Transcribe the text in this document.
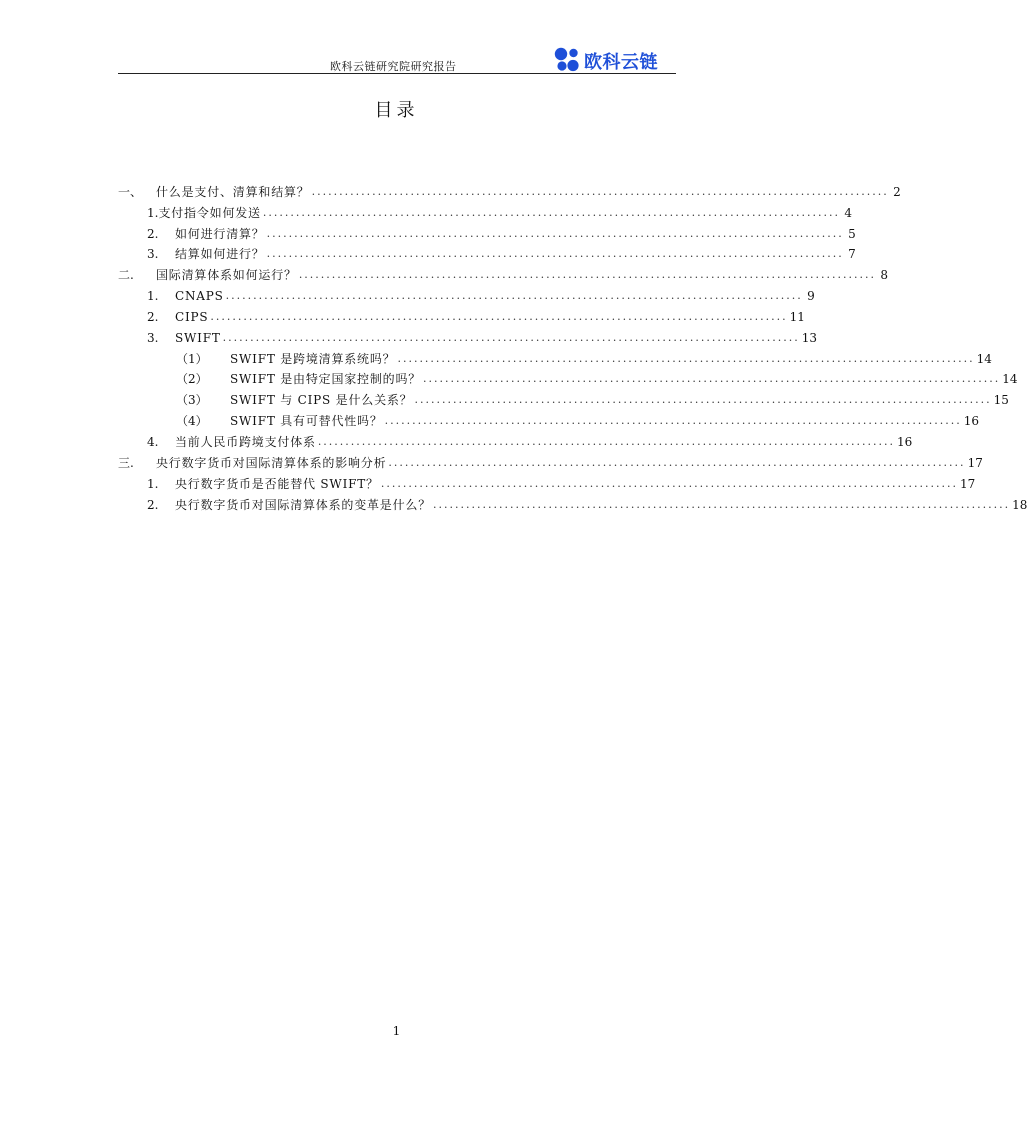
欧科云链研究院研究报告	欧科云链
目录
一、	什么是支付、清算和结算？ ......................................................................................................... 2
1. 支付指令如何发送 ......................................................................................................... 4
2.	如何进行清算？ ......................................................................................................... 5
3.	结算如何进行？ ......................................................................................................... 7
二.	国际清算体系如何运行？ ......................................................................................................... 8
1.	CNAPS ......................................................................................................... 9
2.	CIPS ......................................................................................................... 11
3.	SWIFT ......................................................................................................... 13
（1）	SWIFT 是跨境清算系统吗？ ......................................................................................................... 14
（2）	SWIFT 是由特定国家控制的吗？ ......................................................................................................... 14
（3）	SWIFT 与 CIPS 是什么关系？ ......................................................................................................... 15
（4）	SWIFT 具有可替代性吗？ ......................................................................................................... 16
4.	当前人民币跨境支付体系 ......................................................................................................... 16
三.	央行数字货币对国际清算体系的影响分析 ......................................................................................................... 17
1.	央行数字货币是否能替代 SWIFT？ ......................................................................................................... 17
2.	央行数字货币对国际清算体系的变革是什么？ ......................................................................................................... 18
1
